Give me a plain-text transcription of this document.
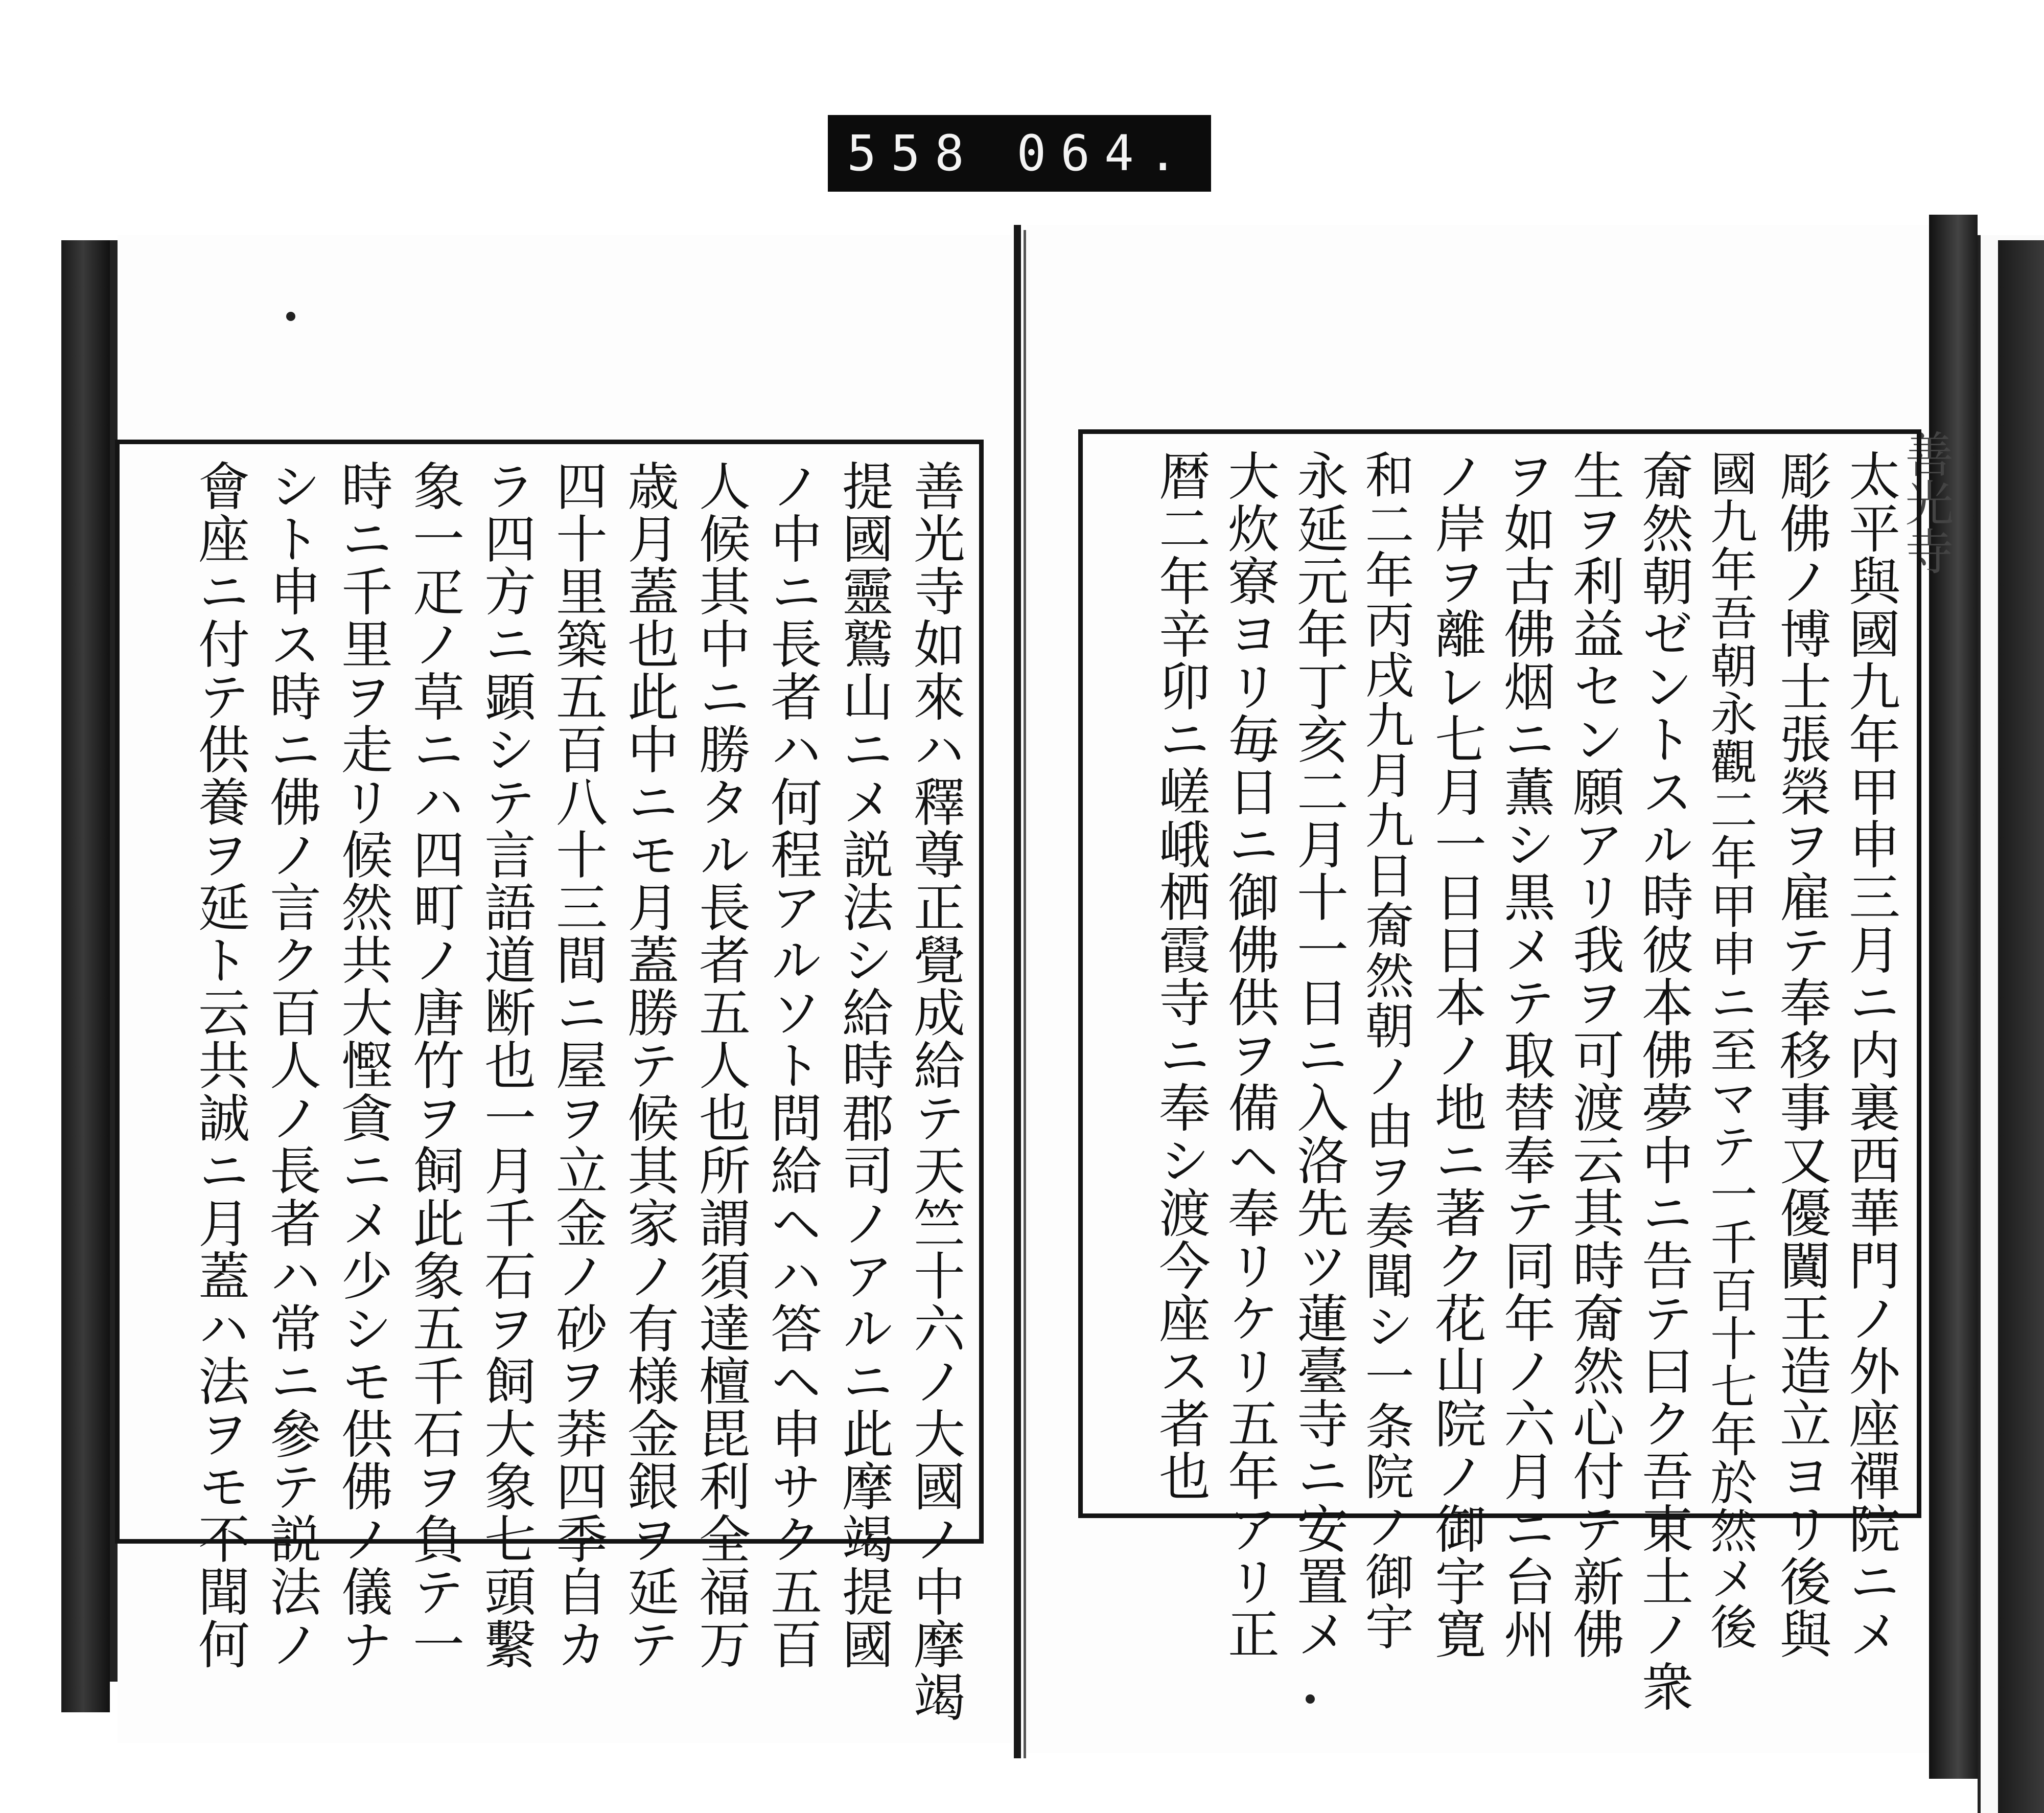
558 064.
善光寺
善光寺如來ハ釋尊正覺成給テ天竺十六ノ大國ノ中摩竭
提國靈鷲山ニメ説法シ給時郡司ノアルニ此摩竭提國
ノ中ニ長者ハ何程アルソト問給ヘハ答ヘ申サク五百
人候其中ニ勝タル長者五人也所謂須達檀毘利全福万
歳月蓋也此中ニモ月蓋勝テ候其家ノ有様金銀ヲ延テ
四十里築五百八十三間ニ屋ヲ立金ノ砂ヲ莽四季自カ
ラ四方ニ顕シテ言語道断也一月千石ヲ飼大象七頭繫
象一疋ノ草ニハ四町ノ唐竹ヲ飼此象五千石ヲ負テ一
時ニ千里ヲ走リ候然共大慳貪ニメ少シモ供佛ノ儀ナ
シト申ス時ニ佛ノ言ク百人ノ長者ハ常ニ參テ説法ノ
會座ニ付テ供養ヲ延ト云共誠ニ月蓋ハ法ヲモ不聞何	太平與國九年甲申三月ニ内裏西華門ノ外座禪院ニメ
彫佛ノ博士張榮ヲ雇テ奉移事又優闐王造立ヨリ後與
國九年吾朝永觀二年甲申ニ至マテ一千百十七年於然メ後
奝然朝ゼントスル時彼本佛夢中ニ告テ曰ク吾東土ノ衆
生ヲ利益セン願アリ我ヲ可渡云其時奝然心付テ新佛
ヲ如古佛烟ニ薫シ黒メテ取替奉テ同年ノ六月ニ台州
ノ岸ヲ離レ七月一日日本ノ地ニ著ク花山院ノ御宇寛
和二年丙戌九月九日奝然朝ノ由ヲ奏聞シ一条院ノ御宇
永延元年丁亥二月十一日ニ入洛先ツ蓮臺寺ニ安置メ
大炊寮ヨリ毎日ニ御佛供ヲ備ヘ奉リケリ五年アリ正
暦二年辛卯ニ嵯峨栖霞寺ニ奉シ渡今座ス者也
